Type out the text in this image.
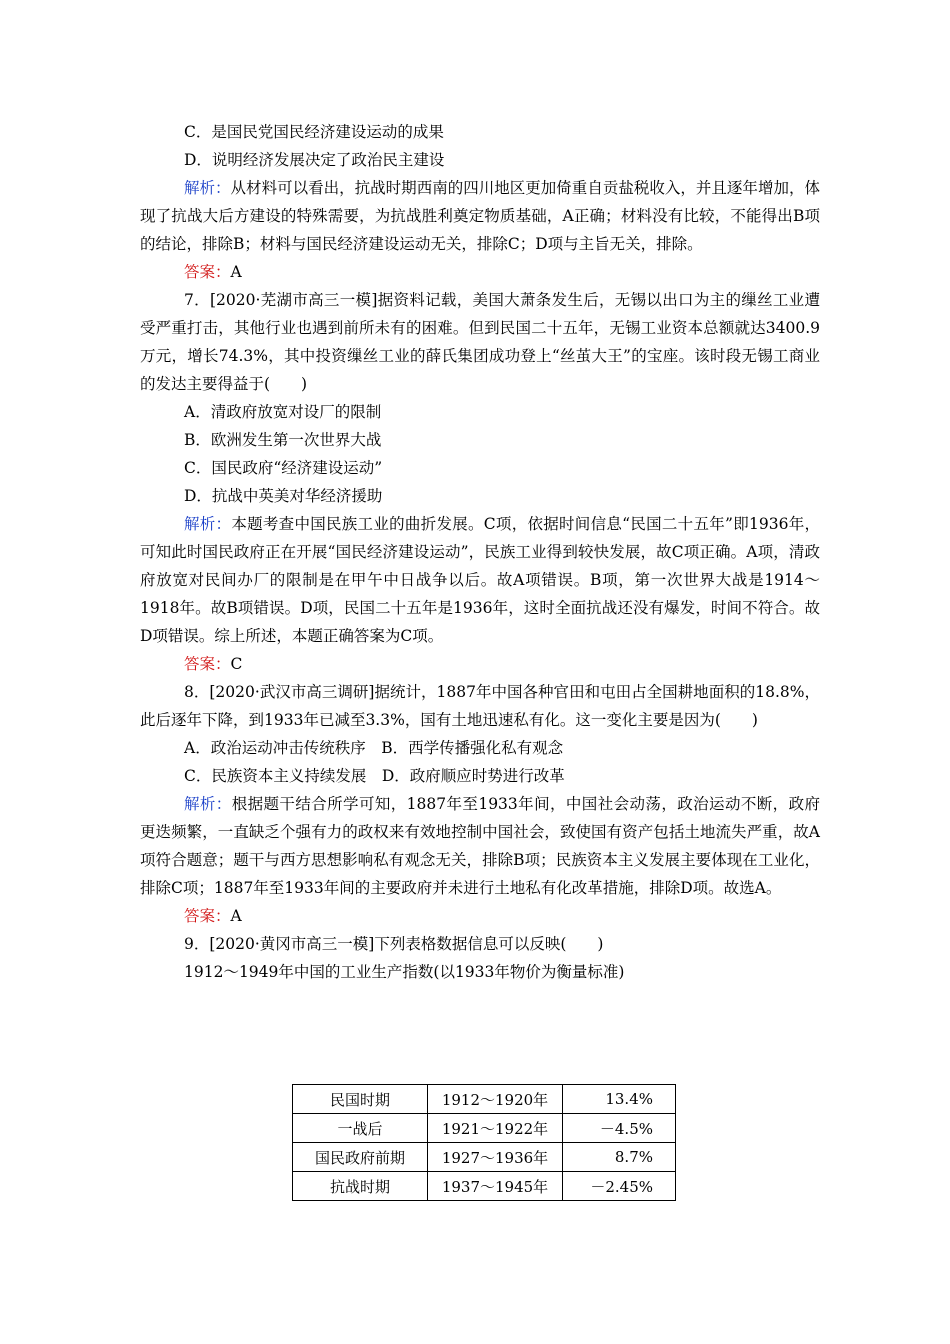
C．是国民党国民经济建设运动的成果

D．说明经济发展决定了政治民主建设

解析：从材料可以看出，抗战时期西南的四川地区更加倚重自贡盐税收入，并且逐年增加，体现了抗战大后方建设的特殊需要，为抗战胜利奠定物质基础，A正确；材料没有比较，不能得出B项的结论，排除B；材料与国民经济建设运动无关，排除C；D项与主旨无关，排除。

答案：A

7．[2020·芜湖市高三一模]据资料记载，美国大萧条发生后，无锡以出口为主的缫丝工业遭受严重打击，其他行业也遇到前所未有的困难。但到民国二十五年，无锡工业资本总额就达3400.9万元，增长74.3%，其中投资缫丝工业的薛氏集团成功登上“丝茧大王”的宝座。该时段无锡工商业的发达主要得益于(　　)

A．清政府放宽对设厂的限制

B．欧洲发生第一次世界大战

C．国民政府“经济建设运动”

D．抗战中英美对华经济援助

解析：本题考查中国民族工业的曲折发展。C项，依据时间信息“民国二十五年”即1936年，可知此时国民政府正在开展“国民经济建设运动”，民族工业得到较快发展，故C项正确。A项，清政府放宽对民间办厂的限制是在甲午中日战争以后。故A项错误。B项，第一次世界大战是1914～1918年。故B项错误。D项，民国二十五年是1936年，这时全面抗战还没有爆发，时间不符合。故D项错误。综上所述，本题正确答案为C项。

答案：C

8．[2020·武汉市高三调研]据统计，1887年中国各种官田和屯田占全国耕地面积的18.8%，此后逐年下降，到1933年已减至3.3%，国有土地迅速私有化。这一变化主要是因为(　　)

A．政治运动冲击传统秩序　B．西学传播强化私有观念

C．民族资本主义持续发展　D．政府顺应时势进行改革

解析：根据题干结合所学可知，1887年至1933年间，中国社会动荡，政治运动不断，政府更迭频繁，一直缺乏个强有力的政权来有效地控制中国社会，致使国有资产包括土地流失严重，故A项符合题意；题干与西方思想影响私有观念无关，排除B项；民族资本主义发展主要体现在工业化，排除C项；1887年至1933年间的主要政府并未进行土地私有化改革措施，排除D项。故选A。

答案：A

9．[2020·黄冈市高三一模]下列表格数据信息可以反映(　　)

1912～1949年中国的工业生产指数(以1933年物价为衡量标准)

民国时期	1912～1920年	13.4%
一战后	1921～1922年	－4.5%
国民政府前期	1927～1936年	8.7%
抗战时期	1937～1945年	－2.45%
